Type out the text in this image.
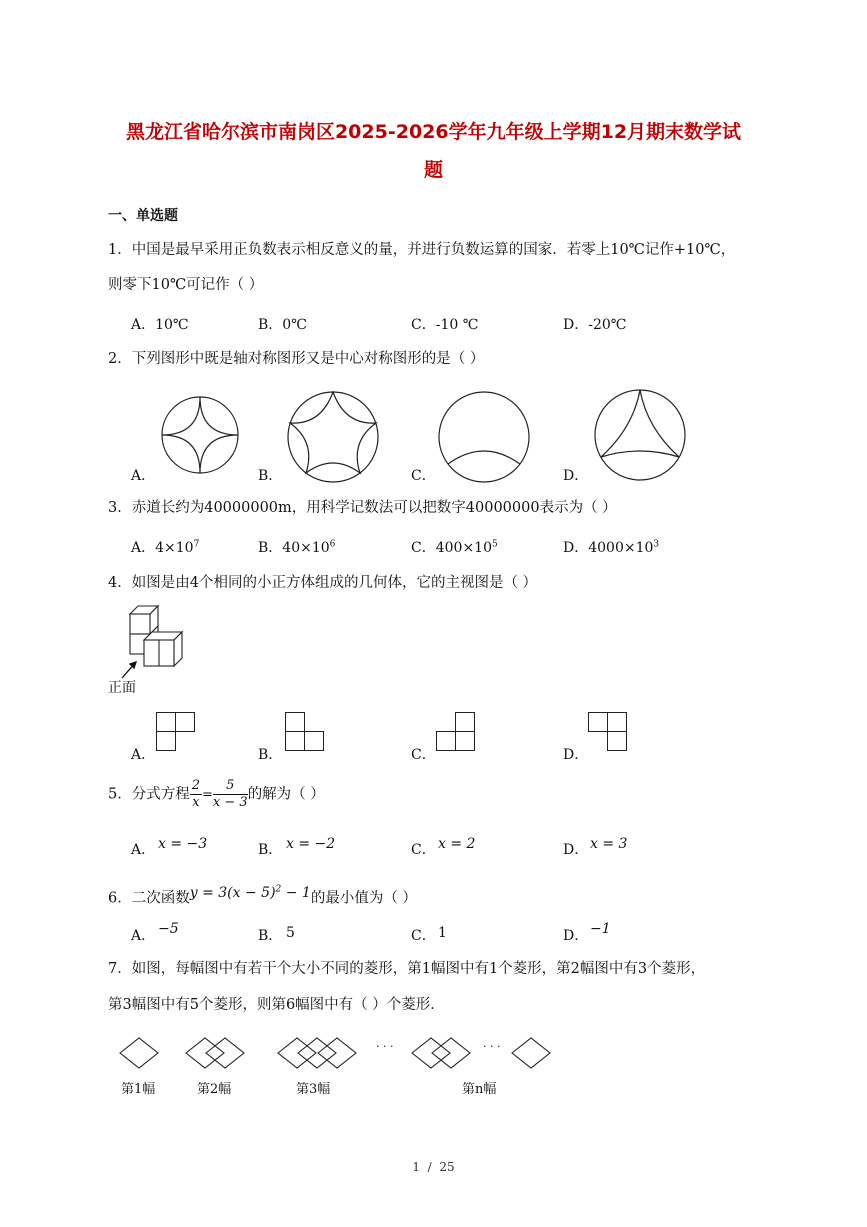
黑龙江省哈尔滨市南岗区2025-2026学年九年级上学期12月期末数学试
题
一、单选题
1．中国是最早采用正负数表示相反意义的量，并进行负数运算的国家．若零上10℃记作+10℃，
则零下10℃可记作（ ）
A．10℃	B．0℃	C．-10 ℃	D．-20℃
2．下列图形中既是轴对称图形又是中心对称图形的是（ ）
A．	B．	C．	D．
3．赤道长约为40000000m，用科学记数法可以把数字40000000表示为（ ）
A．$4\times 10^7$	B．$40\times 10^6$	C．$400\times 10^5$	D．$4000\times 10^3$
4．如图是由4个相同的小正方体组成的几何体，它的主视图是（ ）
正面
A．	B．	C．	D．
5．分式方程 $\frac{2}{x} = \frac{5}{x - 3}$ 的解为（ ）
A． x = −3	B． x = −2	C． x = 2	D． x = 3
6．二次函数$y = 3(x - 5)^2 - 1$的最小值为（ ）
A． −5	B． 5	C． 1	D． −1
7．如图，每幅图中有若干个大小不同的菱形，第1幅图中有1个菱形，第2幅图中有3个菱形，
第3幅图中有5个菱形，则第6幅图中有（ ）个菱形．
· · ·	· · ·
第1幅	第2幅	第3幅	第n幅
1  /  25
